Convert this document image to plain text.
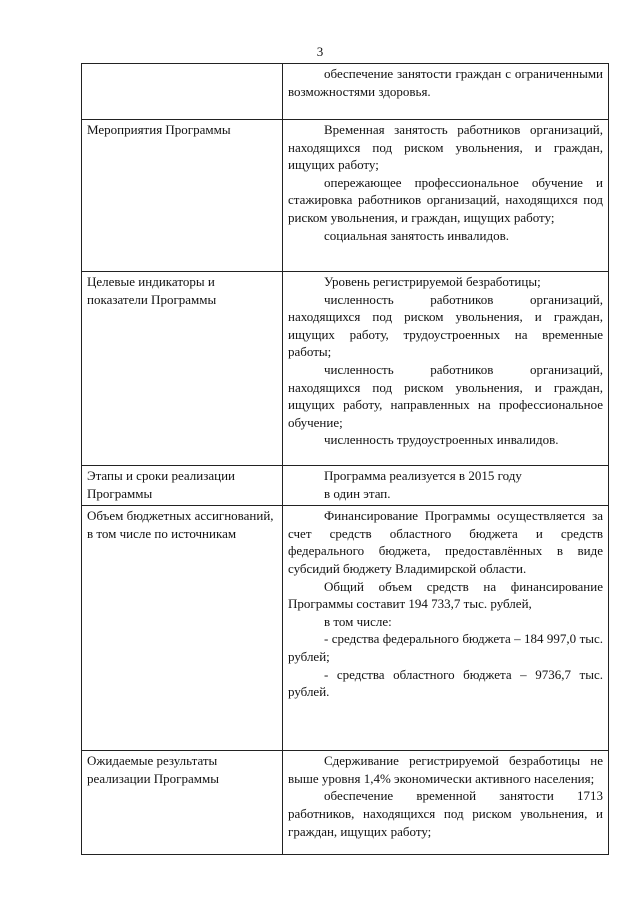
3

	обеспечение занятости граждан с ограниченными возможностями здоровья.

Мероприятия Программы	Временная занятость работников организаций, находящихся под риском увольнения, и граждан, ищущих работу;

опережающее профессиональное обучение и стажировка работников организаций, находящихся под риском увольнения, и граждан, ищущих работу;

социальная занятость инвалидов.

Целевые индикаторы и показатели Программы	Уровень регистрируемой безработицы;

численность работников организаций, находящихся под риском увольнения, и граждан, ищущих работу, трудоустроенных на временные работы;

численность работников организаций, находящихся под риском увольнения, и граждан, ищущих работу, направленных на профессиональное обучение;

численность трудоустроенных инвалидов.

Этапы и сроки реализации Программы	Программа реализуется в 2015 году

в один этап.

Объем бюджетных ассигнований, в том числе по источникам	Финансирование Программы осуществляется за счет средств областного бюджета и средств федерального бюджета, предоставлённых в виде субсидий бюджету Владимирской области.

Общий объем средств на финансирование Программы составит 194 733,7 тыс. рублей,

в том числе:

- средства федерального бюджета – 184 997,0 тыс. рублей;

- средства областного бюджета – 9736,7 тыс. рублей.

Ожидаемые результаты реализации Программы	Сдерживание регистрируемой безработицы не выше уровня 1,4% экономически активного населения;

обеспечение временной занятости 1713 работников, находящихся под риском увольнения, и граждан, ищущих работу;
